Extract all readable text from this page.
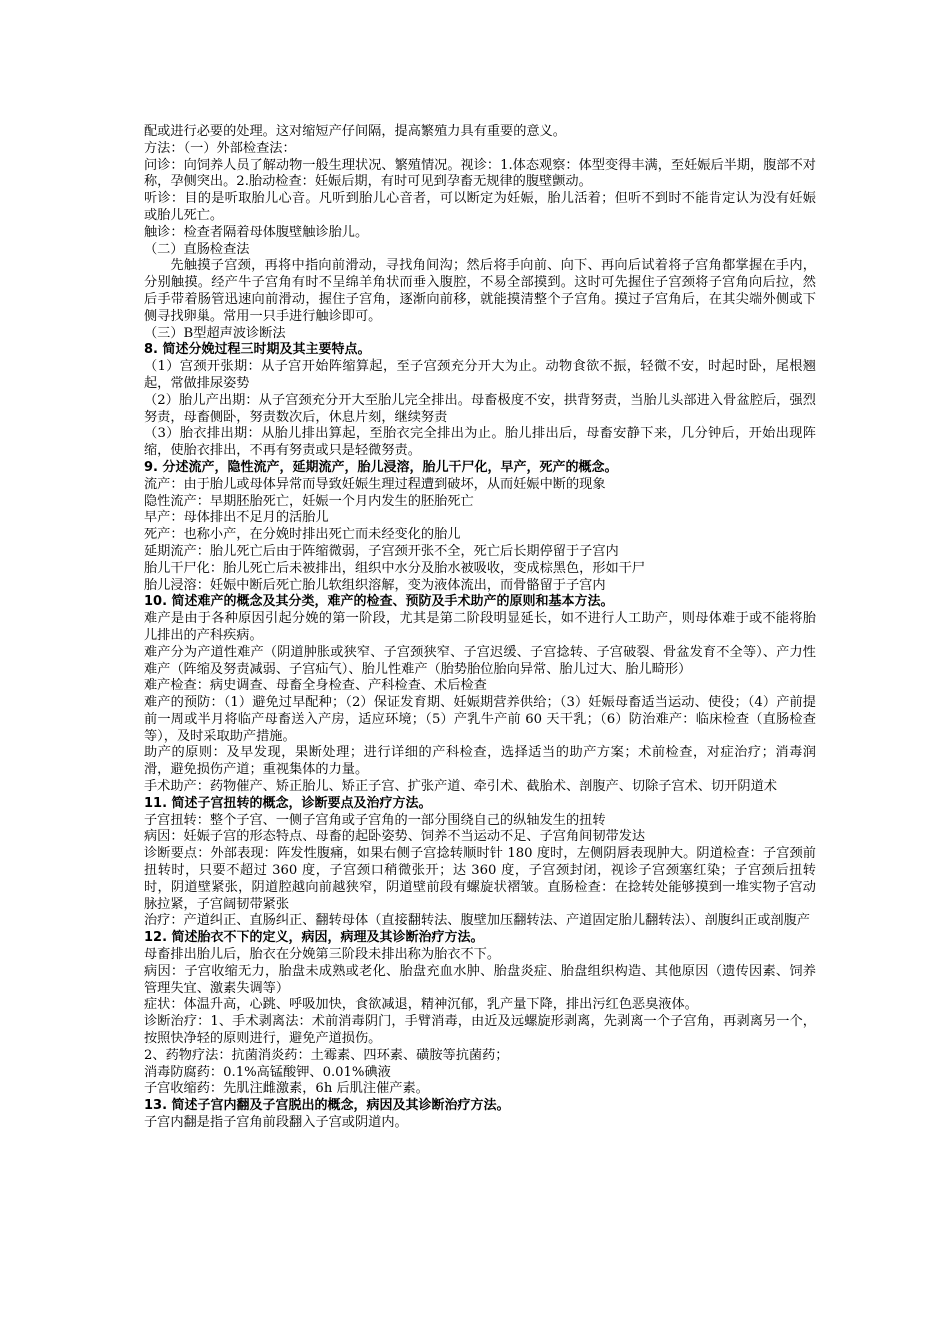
配或进行必要的处理。这对缩短产仔间隔，提高繁殖力具有重要的意义。

方法：（一）外部检查法：

问诊：向饲养人员了解动物一般生理状况、繁殖情况。视诊：1.体态观察：体型变得丰满，至妊娠后半期，腹部不对称，孕侧突出。2.胎动检查：妊娠后期，有时可见到孕畜无规律的腹壁颤动。

听诊：目的是听取胎儿心音。凡听到胎儿心音者，可以断定为妊娠，胎儿活着；但听不到时不能肯定认为没有妊娠或胎儿死亡。

触诊：检查者隔着母体腹壁触诊胎儿。

（二）直肠检查法

先触摸子宫颈，再将中指向前滑动，寻找角间沟；然后将手向前、向下、再向后试着将子宫角都掌握在手内，分别触摸。经产牛子宫角有时不呈绵羊角状而垂入腹腔，不易全部摸到。这时可先握住子宫颈将子宫角向后拉，然后手带着肠管迅速向前滑动，握住子宫角，逐渐向前移，就能摸清整个子宫角。摸过子宫角后，在其尖端外侧或下侧寻找卵巢。常用一只手进行触诊即可。

（三）B型超声波诊断法

8. 简述分娩过程三时期及其主要特点。

（1）宫颈开张期：从子宫开始阵缩算起，至子宫颈充分开大为止。动物食欲不振，轻微不安，时起时卧，尾根翘起，常做排尿姿势

（2）胎儿产出期：从子宫颈充分开大至胎儿完全排出。母畜极度不安，拱背努责，当胎儿头部进入骨盆腔后，强烈努责，母畜侧卧，努责数次后，休息片刻，继续努责

（3）胎衣排出期：从胎儿排出算起，至胎衣完全排出为止。胎儿排出后，母畜安静下来，几分钟后，开始出现阵缩，使胎衣排出，不再有努责或只是轻微努责。

9. 分述流产，隐性流产，延期流产，胎儿浸溶，胎儿干尸化，早产，死产的概念。

流产：由于胎儿或母体异常而导致妊娠生理过程遭到破坏，从而妊娠中断的现象

隐性流产：早期胚胎死亡，妊娠一个月内发生的胚胎死亡

早产：母体排出不足月的活胎儿

死产：也称小产，在分娩时排出死亡而未经变化的胎儿

延期流产：胎儿死亡后由于阵缩微弱，子宫颈开张不全，死亡后长期停留于子宫内

胎儿干尸化：胎儿死亡后未被排出，组织中水分及胎水被吸收，变成棕黑色，形如干尸

胎儿浸溶：妊娠中断后死亡胎儿软组织溶解，变为液体流出，而骨骼留于子宫内

10. 简述难产的概念及其分类，难产的检查、预防及手术助产的原则和基本方法。

难产是由于各种原因引起分娩的第一阶段，尤其是第二阶段明显延长，如不进行人工助产，则母体难于或不能将胎儿排出的产科疾病。

难产分为产道性难产（阴道肿胀或狭窄、子宫颈狭窄、子宫迟缓、子宫捻转、子宫破裂、骨盆发育不全等）、产力性难产（阵缩及努责减弱、子宫疝气）、胎儿性难产（胎势胎位胎向异常、胎儿过大、胎儿畸形）

难产检查：病史调查、母畜全身检查、产科检查、术后检查

难产的预防：（1）避免过早配种；（2）保证发育期、妊娠期营养供给；（3）妊娠母畜适当运动、使役；（4）产前提前一周或半月将临产母畜送入产房，适应环境；（5）产乳牛产前 60 天干乳；（6）防治难产：临床检查（直肠检查等），及时采取助产措施。

助产的原则：及早发现，果断处理；进行详细的产科检查，选择适当的助产方案；术前检查，对症治疗；消毒润滑，避免损伤产道；重视集体的力量。

手术助产：药物催产、矫正胎儿、矫正子宫、扩张产道、牵引术、截胎术、剖腹产、切除子宫术、切开阴道术

11. 简述子宫扭转的概念，诊断要点及治疗方法。

子宫扭转：整个子宫、一侧子宫角或子宫角的一部分围绕自己的纵轴发生的扭转

病因：妊娠子宫的形态特点、母畜的起卧姿势、饲养不当运动不足、子宫角间韧带发达

诊断要点：外部表现：阵发性腹痛，如果右侧子宫捻转顺时针 180 度时，左侧阴唇表现肿大。阴道检查：子宫颈前扭转时，只要不超过 360 度，子宫颈口稍微张开；达 360 度，子宫颈封闭，视诊子宫颈塞红染；子宫颈后扭转时，阴道壁紧张，阴道腔越向前越狭窄，阴道壁前段有螺旋状褶皱。直肠检查：在捻转处能够摸到一堆实物子宫动脉拉紧，子宫阔韧带紧张

治疗：产道纠正、直肠纠正、翻转母体（直接翻转法、腹壁加压翻转法、产道固定胎儿翻转法）、剖腹纠正或剖腹产

12. 简述胎衣不下的定义，病因，病理及其诊断治疗方法。

母畜排出胎儿后，胎衣在分娩第三阶段未排出称为胎衣不下。

病因：子宫收缩无力，胎盘未成熟或老化、胎盘充血水肿、胎盘炎症、胎盘组织构造、其他原因（遗传因素、饲养管理失宜、激素失调等）

症状：体温升高，心跳、呼吸加快，食欲减退，精神沉郁，乳产量下降，排出污红色恶臭液体。

诊断治疗：1、手术剥离法：术前消毒阴门，手臂消毒，由近及远螺旋形剥离，先剥离一个子宫角，再剥离另一个，按照快净轻的原则进行，避免产道损伤。

2、药物疗法：抗菌消炎药：土霉素、四环素、磺胺等抗菌药；

消毒防腐药：0.1%高锰酸钾、0.01%碘液

子宫收缩药：先肌注雌激素，6h 后肌注催产素。

13. 简述子宫内翻及子宫脱出的概念，病因及其诊断治疗方法。

子宫内翻是指子宫角前段翻入子宫或阴道内。
